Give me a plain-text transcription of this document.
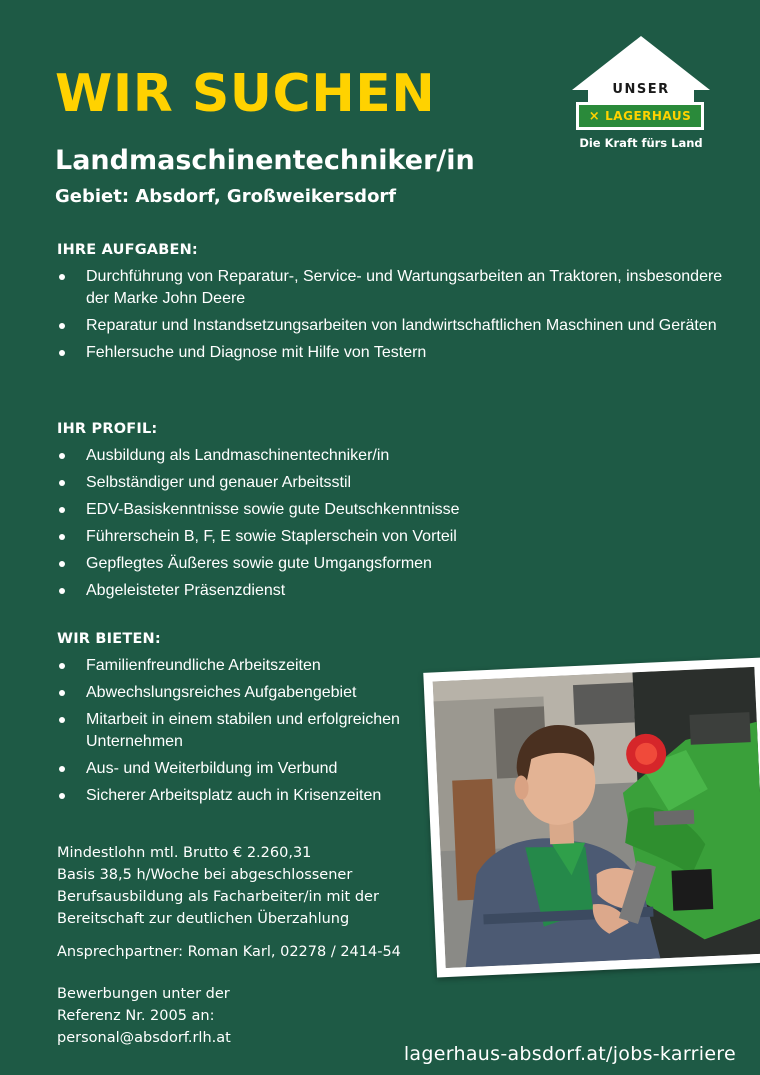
WIR SUCHEN
Landmaschinentechniker/in
Gebiet: Absdorf, Großweikersdorf
UNSER
× LAGERHAUS
Die Kraft fürs Land
IHRE AUFGABEN:
Durchführung von Reparatur-, Service- und Wartungsarbeiten an Traktoren, insbesondere der Marke John Deere
Reparatur und Instandsetzungsarbeiten von landwirtschaftlichen Maschinen und Geräten
Fehlersuche und Diagnose mit Hilfe von Testern
IHR PROFIL:
Ausbildung als Landmaschinentechniker/in
Selbständiger und genauer Arbeitsstil
EDV-Basiskenntnisse sowie gute Deutschkenntnisse
Führerschein B, F, E sowie Staplerschein von Vorteil
Gepflegtes Äußeres sowie gute Umgangsformen
Abgeleisteter Präsenzdienst
WIR BIETEN:
Familienfreundliche Arbeitszeiten
Abwechslungsreiches Aufgabengebiet
Mitarbeit in einem stabilen und erfolgreichen Unternehmen
Aus- und Weiterbildung im Verbund
Sicherer Arbeitsplatz auch in Krisenzeiten
Mindestlohn mtl. Brutto € 2.260,31
Basis 38,5 h/Woche bei abgeschlossener Berufsausbildung als Facharbeiter/in mit der Bereitschaft zur deutlichen Überzahlung
Ansprechpartner: Roman Karl, 02278 / 2414-54
Bewerbungen unter der
Referenz Nr. 2005 an:
personal@absdorf.rlh.at
lagerhaus-absdorf.at/jobs-karriere
